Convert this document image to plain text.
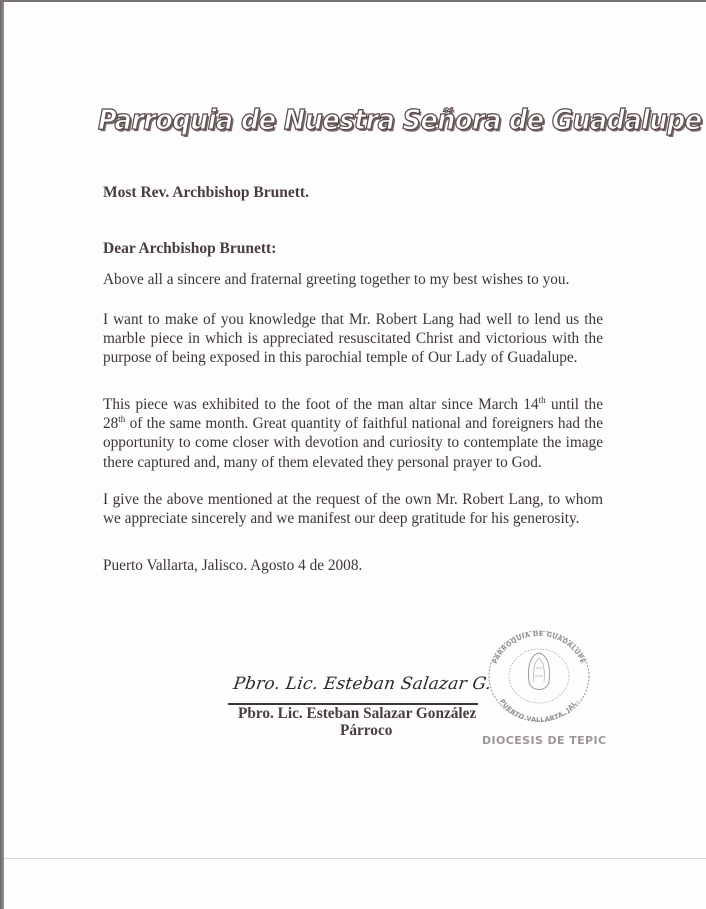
Parroquia de Nuestra Señora de Guadalupe
Most Rev. Archbishop Brunett.
Dear Archbishop Brunett:
Above all a sincere and fraternal greeting together to my best wishes to you.
I want to make of you knowledge that Mr. Robert Lang had well to lend us the marble piece in which is appreciated resuscitated Christ and victorious with the purpose of being exposed in this parochial temple of Our Lady of Guadalupe.
This piece was exhibited to the foot of the man altar since March 14th until the 28th of the same month. Great quantity of faithful national and foreigners had the opportunity to come closer with devotion and curiosity to contemplate the image there captured and, many of them elevated they personal prayer to God.
I give the above mentioned at the request of the own Mr. Robert Lang, to whom we appreciate sincerely and we manifest our deep gratitude for his generosity.
Puerto Vallarta, Jalisco. Agosto 4 de 2008.
Pbro. Lic. Esteban Salazar G.
Pbro. Lic. Esteban Salazar González
Párroco
PARROQUIA DE GUADALUPE
PUERTO VALLARTA, JAL.
DIOCESIS DE TEPIC
